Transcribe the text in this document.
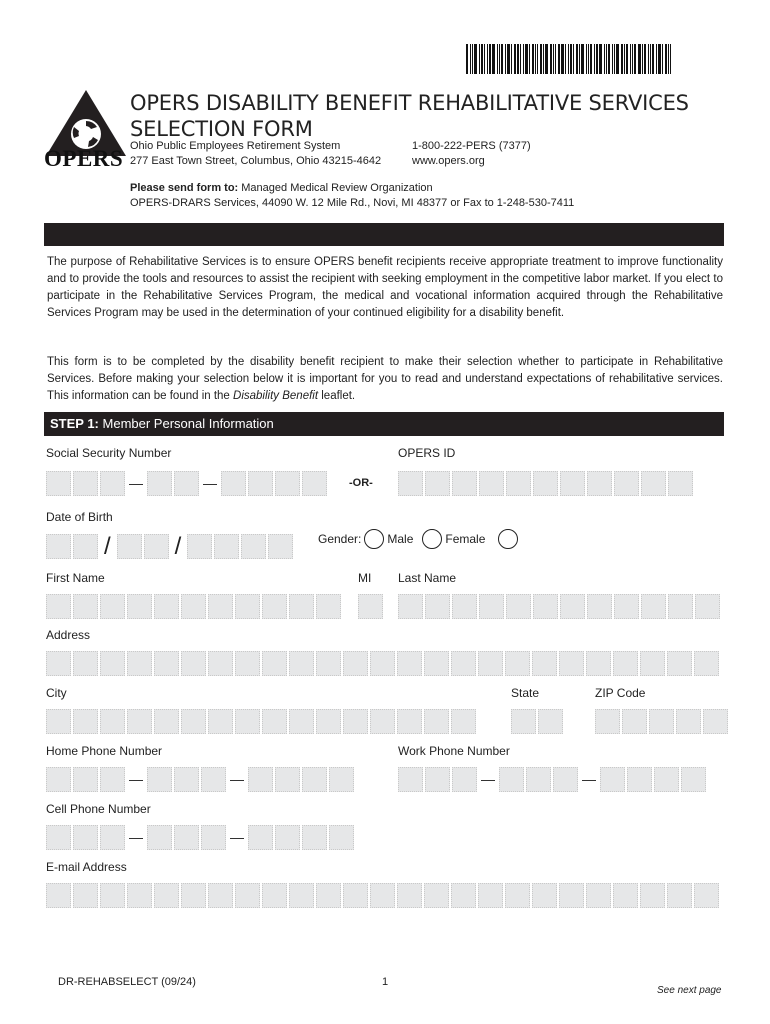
OPERS
OPERS DISABILITY BENEFIT REHABILITATIVE SERVICES
SELECTION FORM
Ohio Public Employees Retirement System
277 East Town Street, Columbus, Ohio 43215-4642
1-800-222-PERS (7377)
www.opers.org
Please send form to: Managed Medical Review Organization
OPERS-DRARS Services, 44090 W. 12 Mile Rd., Novi, MI 48377 or Fax to 1-248-530-7411
The purpose of Rehabilitative Services is to ensure OPERS benefit recipients receive appropriate treatment to improve functionality and to provide the tools and resources to assist the recipient with seeking employment in the competitive labor market. If you elect to participate in the Rehabilitative Services Program, the medical and vocational information acquired through the Rehabilitative Services Program may be used in the determination of your continued eligibility for a disability benefit.
This form is to be completed by the disability benefit recipient to make their selection whether to participate in Rehabilitative Services. Before making your selection below it is important for you to read and understand expectations of rehabilitative services. This information can be found in the Disability Benefit leaflet.
STEP 1: Member Personal Information
Social Security Number	OPERS ID
—	—	-OR-
Date of Birth
/	/	Gender: Male	Female
First Name	MI Last Name
Address
City	State	ZIP Code
Home Phone Number	Work Phone Number
—	—	—	—
Cell Phone Number
—	—
E-mail Address
DR-REHABSELECT (09/24)	1
See next page
